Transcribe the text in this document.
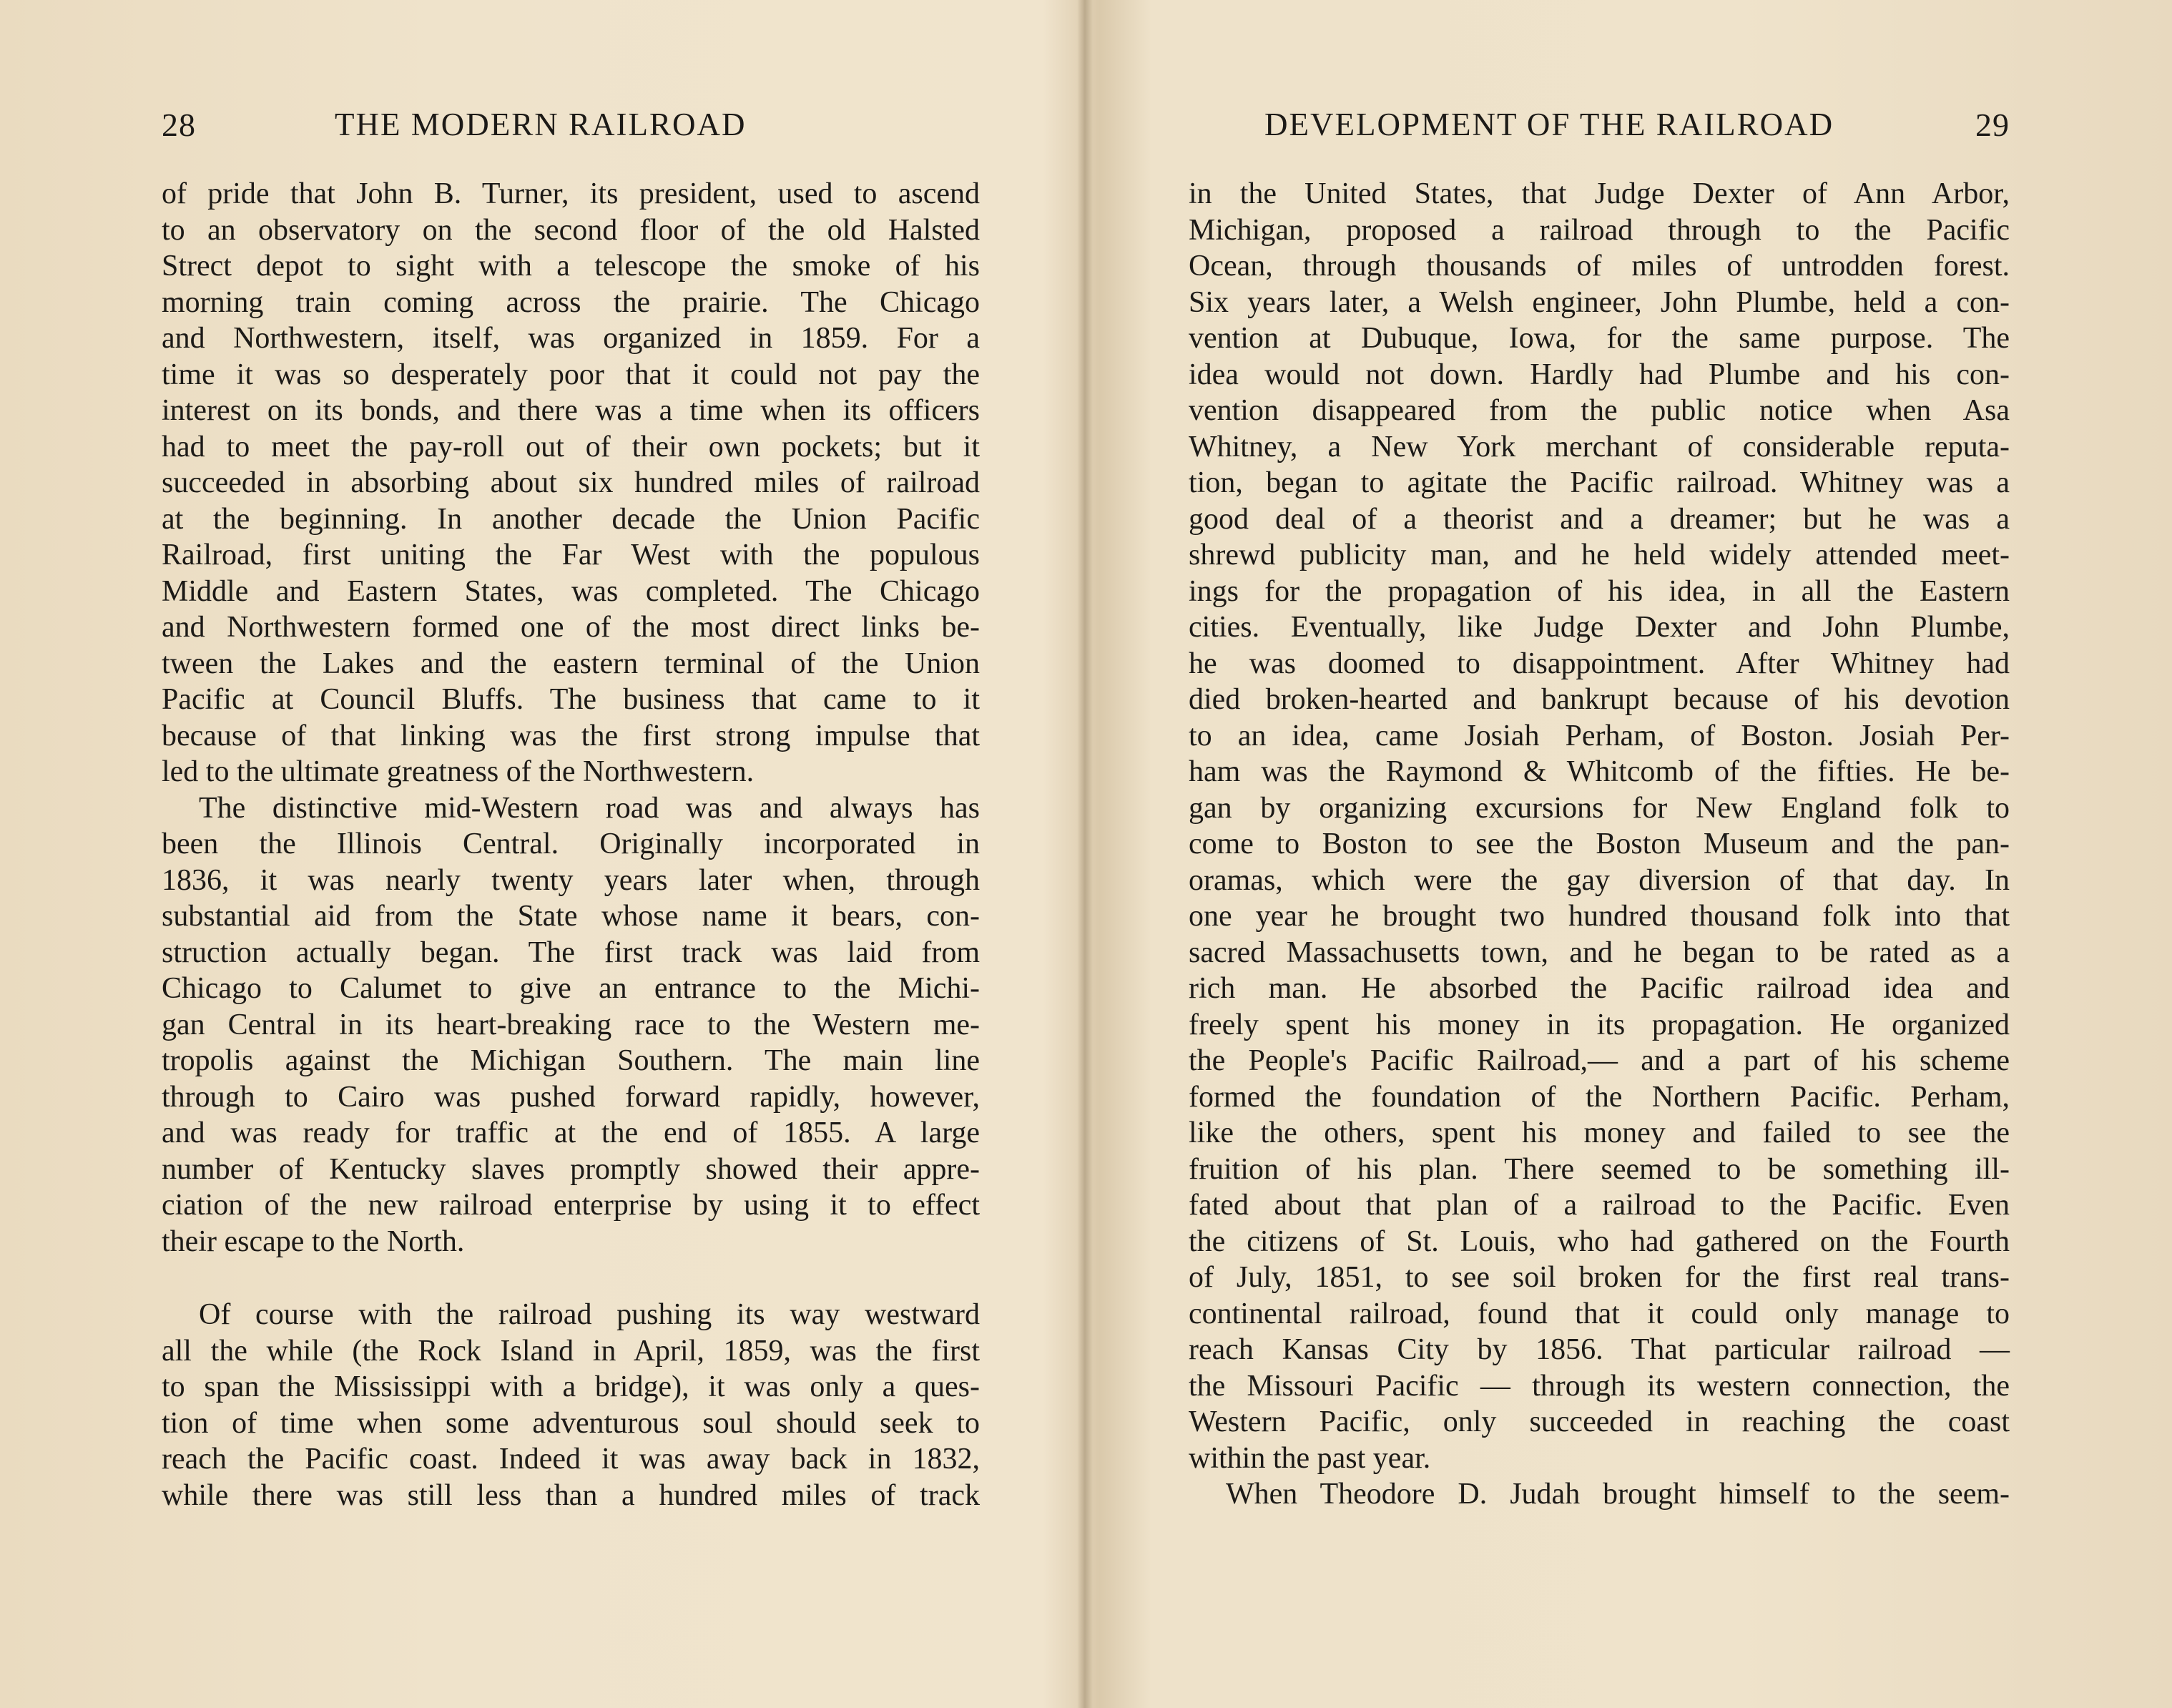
28	THE MODERN RAILROAD
of pride that John B. Turner, its president, used to ascend
to an observatory on the second floor of the old Halsted
Strect depot to sight with a telescope the smoke of his
morning train coming across the prairie. The Chicago
and Northwestern, itself, was organized in 1859. For a
time it was so desperately poor that it could not pay the
interest on its bonds, and there was a time when its officers
had to meet the pay-roll out of their own pockets; but it
succeeded in absorbing about six hundred miles of railroad
at the beginning. In another decade the Union Pacific
Railroad, first uniting the Far West with the populous
Middle and Eastern States, was completed. The Chicago
and Northwestern formed one of the most direct links be-
tween the Lakes and the eastern terminal of the Union
Pacific at Council Bluffs. The business that came to it
because of that linking was the first strong impulse that
led to the ultimate greatness of the Northwestern.
The distinctive mid-Western road was and always has
been the Illinois Central. Originally incorporated in
1836, it was nearly twenty years later when, through
substantial aid from the State whose name it bears, con-
struction actually began. The first track was laid from
Chicago to Calumet to give an entrance to the Michi-
gan Central in its heart-breaking race to the Western me-
tropolis against the Michigan Southern. The main line
through to Cairo was pushed forward rapidly, however,
and was ready for traffic at the end of 1855. A large
number of Kentucky slaves promptly showed their appre-
ciation of the new railroad enterprise by using it to effect
their escape to the North.
Of course with the railroad pushing its way westward
all the while (the Rock Island in April, 1859, was the first
to span the Mississippi with a bridge), it was only a ques-
tion of time when some adventurous soul should seek to
reach the Pacific coast. Indeed it was away back in 1832,
while there was still less than a hundred miles of track
DEVELOPMENT OF THE RAILROAD	29
in the United States, that Judge Dexter of Ann Arbor,
Michigan, proposed a railroad through to the Pacific
Ocean, through thousands of miles of untrodden forest.
Six years later, a Welsh engineer, John Plumbe, held a con-
vention at Dubuque, Iowa, for the same purpose. The
idea would not down. Hardly had Plumbe and his con-
vention disappeared from the public notice when Asa
Whitney, a New York merchant of considerable reputa-
tion, began to agitate the Pacific railroad. Whitney was a
good deal of a theorist and a dreamer; but he was a
shrewd publicity man, and he held widely attended meet-
ings for the propagation of his idea, in all the Eastern
cities. Eventually, like Judge Dexter and John Plumbe,
he was doomed to disappointment. After Whitney had
died broken-hearted and bankrupt because of his devotion
to an idea, came Josiah Perham, of Boston. Josiah Per-
ham was the Raymond & Whitcomb of the fifties. He be-
gan by organizing excursions for New England folk to
come to Boston to see the Boston Museum and the pan-
oramas, which were the gay diversion of that day. In
one year he brought two hundred thousand folk into that
sacred Massachusetts town, and he began to be rated as a
rich man. He absorbed the Pacific railroad idea and
freely spent his money in its propagation. He organized
the People's Pacific Railroad,— and a part of his scheme
formed the foundation of the Northern Pacific. Perham,
like the others, spent his money and failed to see the
fruition of his plan. There seemed to be something ill-
fated about that plan of a railroad to the Pacific. Even
the citizens of St. Louis, who had gathered on the Fourth
of July, 1851, to see soil broken for the first real trans-
continental railroad, found that it could only manage to
reach Kansas City by 1856. That particular railroad —
the Missouri Pacific — through its western connection, the
Western Pacific, only succeeded in reaching the coast
within the past year.
When Theodore D. Judah brought himself to the seem-
